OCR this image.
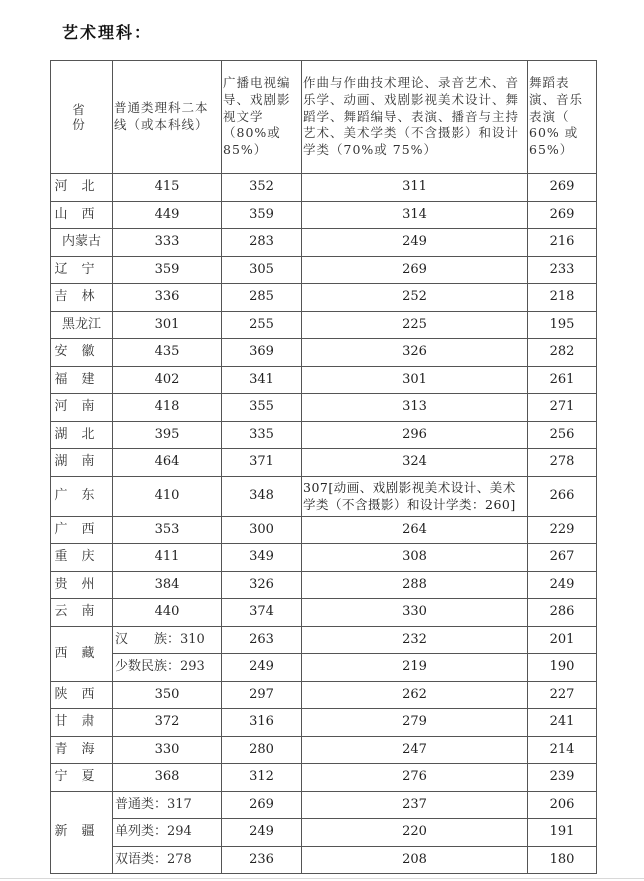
艺术理科：
省 份	普通类理科二本线（或本科线）	广播电视编导、戏剧影视文学（80%或85%）	作曲与作曲技术理论、录音艺术、音乐学、动画、戏剧影视美术设计、舞蹈学、舞蹈编导、表演、播音与主持艺术、美术学类（不含摄影）和设计学类（70%或 75%）	舞蹈表演、音乐表演（ 60% 或 65%）
河北	415	352	311	269
山西	449	359	314	269
内蒙古	333	283	249	216
辽宁	359	305	269	233
吉林	336	285	252	218
黑龙江	301	255	225	195
安徽	435	369	326	282
福建	402	341	301	261
河南	418	355	313	271
湖北	395	335	296	256
湖南	464	371	324	278
广东	410	348	307[动画、戏剧影视美术设计、美术学类（不含摄影）和设计学类：260]	266
广西	353	300	264	229
重庆	411	349	308	267
贵州	384	326	288	249
云南	440	374	330	286
西藏	汉　　族：310	263	232	201
	少数民族：293	249	219	190
陕西	350	297	262	227
甘肃	372	316	279	241
青海	330	280	247	214
宁夏	368	312	276	239
新疆	普通类：317	269	237	206
	单列类：294	249	220	191
	双语类：278	236	208	180
